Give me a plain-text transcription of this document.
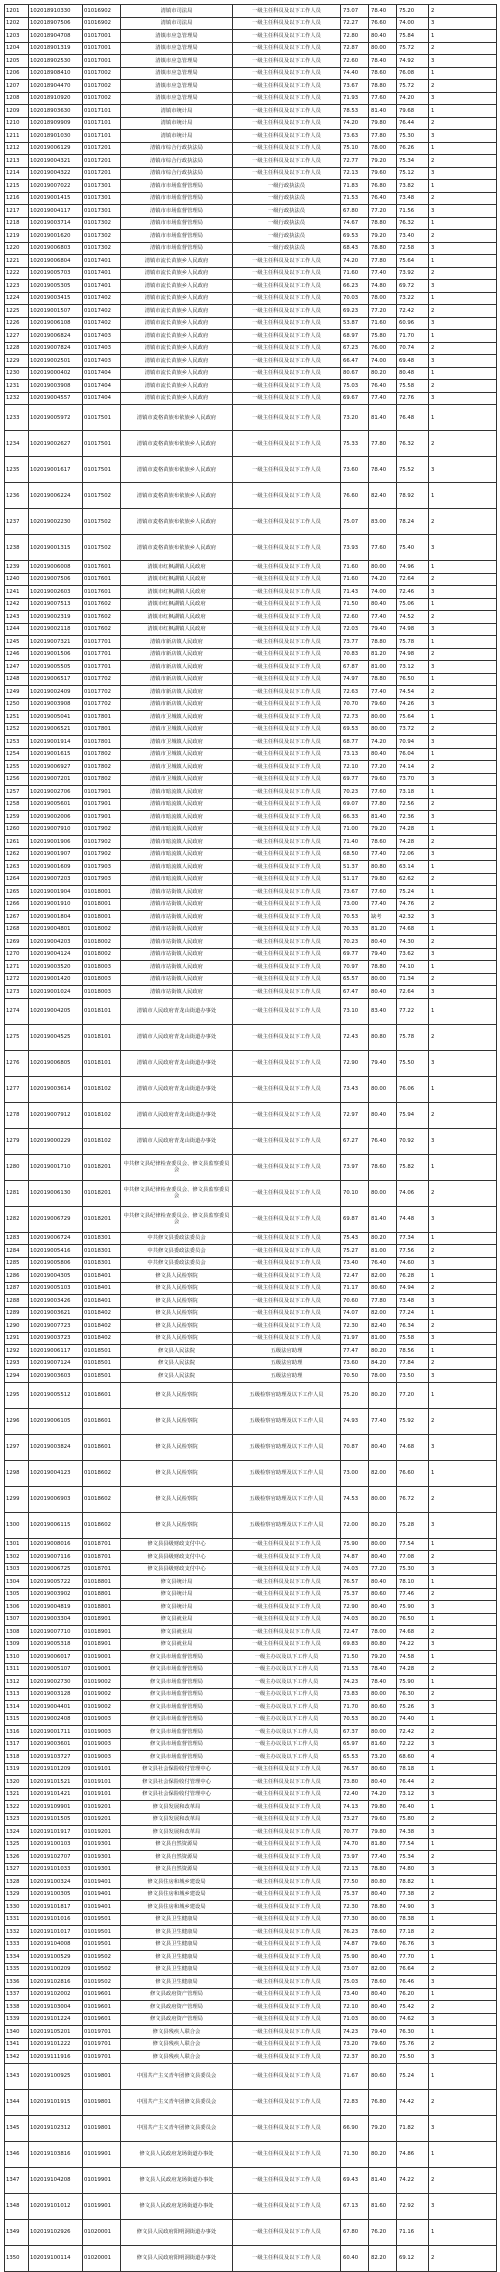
1201	102018910330	01016902	清镇市司法局	一级主任科员及以下工作人员	73.07	78.40	75.20	2
1202	102018907506	01016902	清镇市司法局	一级主任科员及以下工作人员	72.27	76.60	74.00	3
1203	102018904708	01017001	清镇市应急管理局	一级主任科员及以下工作人员	72.80	80.40	75.84	1
1204	102018901319	01017001	清镇市应急管理局	一级主任科员及以下工作人员	72.87	80.00	75.72	2
1205	102018902530	01017001	清镇市应急管理局	一级主任科员及以下工作人员	72.60	78.40	74.92	3
1206	102018908410	01017002	清镇市应急管理局	一级主任科员及以下工作人员	74.40	78.60	76.08	1
1207	102018904470	01017002	清镇市应急管理局	一级主任科员及以下工作人员	73.67	78.80	75.72	2
1208	102018910920	01017002	清镇市应急管理局	一级主任科员及以下工作人员	71.93	77.60	74.20	3
1209	102018903630	01017101	清镇市统计局	一级主任科员及以下工作人员	78.53	81.40	79.68	1
1210	102018909909	01017101	清镇市统计局	一级主任科员及以下工作人员	74.20	79.80	76.44	2
1211	102018901030	01017101	清镇市统计局	一级主任科员及以下工作人员	73.63	77.80	75.30	3
1212	102019006129	01017201	清镇市综合行政执法局	一级主任科员及以下工作人员	75.10	78.00	76.26	1
1213	102019004321	01017201	清镇市综合行政执法局	一级主任科员及以下工作人员	72.77	79.20	75.34	2
1214	102019004322	01017201	清镇市综合行政执法局	一级主任科员及以下工作人员	72.13	79.60	75.12	3
1215	102019007022	01017301	清镇市市场监督管理局	一级行政执法员	71.83	76.80	73.82	1
1216	102019001415	01017301	清镇市市场监督管理局	一级行政执法员	71.53	76.40	73.48	2
1217	102019004117	01017301	清镇市市场监督管理局	一级行政执法员	67.80	77.20	71.56	3
1218	102019003714	01017302	清镇市市场监督管理局	一级行政执法员	74.67	78.80	76.32	1
1219	102019001620	01017302	清镇市市场监督管理局	一级行政执法员	69.53	79.20	73.40	2
1220	102019006803	01017302	清镇市市场监督管理局	一级行政执法员	68.43	78.80	72.58	3
1221	102019006804	01017401	清镇市流长苗族乡人民政府	一级主任科员及以下工作人员	74.20	77.80	75.64	1
1222	102019005703	01017401	清镇市流长苗族乡人民政府	一级主任科员及以下工作人员	71.60	77.40	73.92	2
1223	102019005305	01017401	清镇市流长苗族乡人民政府	一级主任科员及以下工作人员	66.23	74.80	69.72	3
1224	102019003415	01017402	清镇市流长苗族乡人民政府	一级主任科员及以下工作人员	70.03	78.00	73.22	1
1225	102019001507	01017402	清镇市流长苗族乡人民政府	一级主任科员及以下工作人员	69.23	77.20	72.42	2
1226	102019006108	01017402	清镇市流长苗族乡人民政府	一级主任科员及以下工作人员	53.87	71.60	60.96	3
1227	102019006824	01017403	清镇市流长苗族乡人民政府	一级主任科员及以下工作人员	68.97	75.80	71.70	1
1228	102019007824	01017403	清镇市流长苗族乡人民政府	一级主任科员及以下工作人员	67.23	76.00	70.74	2
1229	102019002501	01017403	清镇市流长苗族乡人民政府	一级主任科员及以下工作人员	66.47	74.00	69.48	3
1230	102019000402	01017404	清镇市流长苗族乡人民政府	一级主任科员及以下工作人员	80.67	80.20	80.48	1
1231	102019003908	01017404	清镇市流长苗族乡人民政府	一级主任科员及以下工作人员	75.03	76.40	75.58	2
1232	102019004557	01017404	清镇市流长苗族乡人民政府	一级主任科员及以下工作人员	69.67	77.40	72.76	3
1233	102019005972	01017501	清镇市麦格苗族布依族乡人民政府	一级主任科员及以下工作人员	73.20	81.40	76.48	1
1234	102019002627	01017501	清镇市麦格苗族布依族乡人民政府	一级主任科员及以下工作人员	75.33	77.80	76.32	2
1235	102019001617	01017501	清镇市麦格苗族布依族乡人民政府	一级主任科员及以下工作人员	73.60	78.40	75.52	3
1236	102019006224	01017502	清镇市麦格苗族布依族乡人民政府	一级主任科员及以下工作人员	76.60	82.40	78.92	1
1237	102019002230	01017502	清镇市麦格苗族布依族乡人民政府	一级主任科员及以下工作人员	75.07	83.00	78.24	2
1238	102019001315	01017502	清镇市麦格苗族布依族乡人民政府	一级主任科员及以下工作人员	73.93	77.60	75.40	3
1239	102019006008	01017601	清镇市红枫湖镇人民政府	一级主任科员及以下工作人员	71.60	80.00	74.96	1
1240	102019007506	01017601	清镇市红枫湖镇人民政府	一级主任科员及以下工作人员	71.60	74.20	72.64	2
1241	102019002603	01017601	清镇市红枫湖镇人民政府	一级主任科员及以下工作人员	71.43	74.00	72.46	3
1242	102019007513	01017602	清镇市红枫湖镇人民政府	一级主任科员及以下工作人员	71.50	80.40	75.06	1
1243	102019002319	01017602	清镇市红枫湖镇人民政府	一级主任科员及以下工作人员	72.60	77.40	74.52	2
1244	102019002118	01017602	清镇市红枫湖镇人民政府	一级主任科员及以下工作人员	72.03	79.40	74.98	3
1245	102019007321	01017701	清镇市新店镇人民政府	一级主任科员及以下工作人员	73.77	78.80	75.78	1
1246	102019001506	01017701	清镇市新店镇人民政府	一级主任科员及以下工作人员	70.83	81.20	74.98	2
1247	102019005505	01017701	清镇市新店镇人民政府	一级主任科员及以下工作人员	67.87	81.00	73.12	3
1248	102019006517	01017702	清镇市新店镇人民政府	一级主任科员及以下工作人员	74.97	78.80	76.50	1
1249	102019002409	01017702	清镇市新店镇人民政府	一级主任科员及以下工作人员	72.63	77.40	74.54	2
1250	102019003908	01017702	清镇市新店镇人民政府	一级主任科员及以下工作人员	70.70	79.60	74.26	3
1251	102019005041	01017801	清镇市卫城镇人民政府	一级主任科员及以下工作人员	72.73	80.00	75.64	1
1252	102019006521	01017801	清镇市卫城镇人民政府	一级主任科员及以下工作人员	69.53	80.00	73.72	2
1253	102019001914	01017801	清镇市卫城镇人民政府	一级主任科员及以下工作人员	68.77	74.20	70.94	3
1254	102019001615	01017802	清镇市卫城镇人民政府	一级主任科员及以下工作人员	73.13	80.40	76.04	1
1255	102019006927	01017802	清镇市卫城镇人民政府	一级主任科员及以下工作人员	72.10	77.20	74.14	2
1256	102019007201	01017802	清镇市卫城镇人民政府	一级主任科员及以下工作人员	69.77	79.60	73.70	3
1257	102019002706	01017901	清镇市暗流镇人民政府	一级主任科员及以下工作人员	70.23	77.60	73.18	1
1258	102019005601	01017901	清镇市暗流镇人民政府	一级主任科员及以下工作人员	69.07	77.80	72.56	2
1259	102019002006	01017901	清镇市暗流镇人民政府	一级主任科员及以下工作人员	66.33	81.40	72.36	3
1260	102019007910	01017902	清镇市暗流镇人民政府	一级主任科员及以下工作人员	71.00	79.20	74.28	1
1261	102019001906	01017902	清镇市暗流镇人民政府	一级主任科员及以下工作人员	71.40	78.60	74.28	2
1262	102019001907	01017902	清镇市暗流镇人民政府	一级主任科员及以下工作人员	68.50	77.40	72.06	3
1263	102019001609	01017903	清镇市暗流镇人民政府	一级主任科员及以下工作人员	51.37	80.80	63.14	1
1264	102019007203	01017903	清镇市暗流镇人民政府	一级主任科员及以下工作人员	51.17	79.80	62.62	2
1265	102019001904	01018001	清镇市站街镇人民政府	一级主任科员及以下工作人员	73.67	77.60	75.24	1
1266	102019001910	01018001	清镇市站街镇人民政府	一级主任科员及以下工作人员	73.00	77.40	74.76	2
1267	102019001804	01018001	清镇市站街镇人民政府	一级主任科员及以下工作人员	70.53	缺考	42.32	3
1268	102019004801	01018002	清镇市站街镇人民政府	一级主任科员及以下工作人员	70.33	81.20	74.68	1
1269	102019004203	01018002	清镇市站街镇人民政府	一级主任科员及以下工作人员	70.23	80.40	74.30	2
1270	102019004124	01018002	清镇市站街镇人民政府	一级主任科员及以下工作人员	69.77	79.40	73.62	3
1271	102019003520	01018003	清镇市站街镇人民政府	一级主任科员及以下工作人员	70.97	78.80	74.10	1
1272	102019001420	01018003	清镇市站街镇人民政府	一级主任科员及以下工作人员	65.57	80.00	71.34	2
1273	102019001024	01018003	清镇市站街镇人民政府	一级主任科员及以下工作人员	67.47	80.40	72.64	3
1274	102019004205	01018101	清镇市人民政府青龙山街道办事处	一级主任科员及以下工作人员	73.10	83.40	77.22	1
1275	102019004525	01018101	清镇市人民政府青龙山街道办事处	一级主任科员及以下工作人员	72.43	80.80	75.78	2
1276	102019006805	01018101	清镇市人民政府青龙山街道办事处	一级主任科员及以下工作人员	72.90	79.40	75.50	3
1277	102019003614	01018102	清镇市人民政府青龙山街道办事处	一级主任科员及以下工作人员	73.43	80.00	76.06	1
1278	102019007912	01018102	清镇市人民政府青龙山街道办事处	一级主任科员及以下工作人员	72.97	80.40	75.94	2
1279	102019000229	01018102	清镇市人民政府青龙山街道办事处	一级主任科员及以下工作人员	67.27	76.40	70.92	3
1280	102019001710	01018201	中共修文县纪律检查委员会、修文县监察委员会	一级主任科员及以下工作人员	73.97	78.60	75.82	1
1281	102019006130	01018201	中共修文县纪律检查委员会、修文县监察委员会	一级主任科员及以下工作人员	70.10	80.00	74.06	2
1282	102019006729	01018201	中共修文县纪律检查委员会、修文县监察委员会	一级主任科员及以下工作人员	69.87	81.40	74.48	3
1283	102019006724	01018301	中共修文县委政法委员会	一级主任科员及以下工作人员	75.43	80.20	77.34	1
1284	102019005416	01018301	中共修文县委政法委员会	一级主任科员及以下工作人员	75.27	81.00	77.56	2
1285	102019005806	01018301	中共修文县委政法委员会	一级主任科员及以下工作人员	73.40	76.40	74.60	3
1286	102019004305	01018401	修文县人民检察院	一级主任科员及以下工作人员	72.47	82.00	76.28	1
1287	102019005103	01018401	修文县人民检察院	一级主任科员及以下工作人员	71.17	80.60	74.94	2
1288	102019003426	01018401	修文县人民检察院	一级主任科员及以下工作人员	70.60	77.80	73.48	3
1289	102019003621	01018402	修文县人民检察院	一级主任科员及以下工作人员	74.07	82.00	77.24	1
1290	102019007723	01018402	修文县人民检察院	一级主任科员及以下工作人员	72.30	82.40	76.34	2
1291	102019003723	01018402	修文县人民检察院	一级主任科员及以下工作人员	71.97	81.00	75.58	3
1292	102019006117	01018501	修文县人民法院	五级法官助理	77.47	80.20	78.56	1
1293	102019007124	01018501	修文县人民法院	五级法官助理	73.60	84.20	77.84	2
1294	102019003603	01018501	修文县人民法院	五级法官助理	70.50	78.00	73.50	3
1295	102019005512	01018601	修文县人民检察院	五级检察官助理及以下工作人员	75.20	80.20	77.20	1
1296	102019006105	01018601	修文县人民检察院	五级检察官助理及以下工作人员	74.93	77.40	75.92	2
1297	102019003824	01018601	修文县人民检察院	五级检察官助理及以下工作人员	70.87	80.40	74.68	3
1298	102019004123	01018602	修文县人民检察院	五级检察官助理及以下工作人员	73.00	82.00	76.60	1
1299	102019006903	01018602	修文县人民检察院	五级检察官助理及以下工作人员	74.53	80.00	76.72	2
1300	102019006115	01018602	修文县人民检察院	五级检察官助理及以下工作人员	72.00	80.20	75.28	3
1301	102019008016	01018701	修文县县级财政支付中心	一级主任科员及以下工作人员	75.90	80.00	77.54	1
1302	102019007116	01018701	修文县县级财政支付中心	一级主任科员及以下工作人员	74.87	80.40	77.08	2
1303	102019006725	01018701	修文县县级财政支付中心	一级主任科员及以下工作人员	74.03	77.20	75.30	3
1304	102019005722	01018801	修文县统计局	一级主任科员及以下工作人员	76.57	80.40	78.10	1
1305	102019003902	01018801	修文县统计局	一级主任科员及以下工作人员	75.37	80.60	77.46	2
1306	102019004819	01018801	修文县统计局	一级主任科员及以下工作人员	72.90	80.40	75.90	3
1307	102019003304	01018901	修文县就业局	一级主任科员及以下工作人员	74.03	80.20	76.50	1
1308	102019007710	01018901	修文县就业局	一级主任科员及以下工作人员	72.47	78.00	74.68	2
1309	102019005318	01018901	修文县就业局	一级主任科员及以下工作人员	69.83	80.80	74.22	3
1310	102019006017	01019001	修文县市场监督管理局	一级主办以及以下工作人员	71.50	79.20	74.58	1
1311	102019005107	01019001	修文县市场监督管理局	一级主办以及以下工作人员	71.53	78.40	74.28	2
1312	102019002730	01019002	修文县市场监督管理局	一级主办以及以下工作人员	74.23	78.40	75.90	1
1313	102019003128	01019002	修文县市场监督管理局	一级主办以及以下工作人员	73.83	80.00	76.30	2
1314	102019004401	01019002	修文县市场监督管理局	一级主办以及以下工作人员	71.70	80.60	75.26	3
1315	102019002408	01019003	修文县市场监督管理局	一级主办以及以下工作人员	70.53	80.20	74.40	1
1316	102019001711	01019003	修文县市场监督管理局	一级主办以及以下工作人员	67.37	80.00	72.42	2
1317	102019003601	01019003	修文县市场监督管理局	一级主办以及以下工作人员	65.97	81.60	72.22	3
1318	102019103727	01019003	修文县市场监督管理局	一级主办以及以下工作人员	65.53	73.20	68.60	4
1319	102019101209	01019101	修文县社会保险收付管理中心	一级主任科员及以下工作人员	76.57	80.60	78.18	1
1320	102019101521	01019101	修文县社会保险收付管理中心	一级主任科员及以下工作人员	73.80	80.40	76.44	2
1321	102019101421	01019101	修文县社会保险收付管理中心	一级主任科员及以下工作人员	72.40	74.20	73.12	3
1322	102019109901	01019201	修文县发展和改革局	一级主任科员及以下工作人员	74.13	79.80	76.40	1
1323	102019101505	01019201	修文县发展和改革局	一级主任科员及以下工作人员	73.27	79.60	75.80	2
1324	102019101917	01019201	修文县发展和改革局	一级主任科员及以下工作人员	70.77	79.80	74.38	3
1325	102019100103	01019301	修文县自然资源局	一级主任科员及以下工作人员	74.70	81.80	77.54	1
1326	102019102707	01019301	修文县自然资源局	一级主任科员及以下工作人员	73.97	77.40	75.34	2
1327	102019101033	01019301	修文县自然资源局	一级主任科员及以下工作人员	72.13	78.80	74.80	3
1328	102019100324	01019401	修文县住房和城乡建设局	一级主任科员及以下工作人员	77.50	80.80	78.82	1
1329	102019100305	01019401	修文县住房和城乡建设局	一级主任科员及以下工作人员	75.37	80.40	77.38	2
1330	102019101817	01019401	修文县住房和城乡建设局	一级主任科员及以下工作人员	72.30	78.80	74.90	3
1331	102019101016	01019501	修文县卫生健康局	一级主任科员及以下工作人员	77.30	80.00	78.38	1
1332	102019101017	01019501	修文县卫生健康局	一级主任科员及以下工作人员	76.23	78.60	77.18	2
1333	102019104008	01019501	修文县卫生健康局	一级主任科员及以下工作人员	74.87	79.60	76.76	3
1334	102019100529	01019502	修文县卫生健康局	一级主任科员及以下工作人员	75.90	80.40	77.70	1
1335	102019100209	01019502	修文县卫生健康局	一级主任科员及以下工作人员	73.07	82.00	76.64	2
1336	102019102816	01019502	修文县卫生健康局	一级主任科员及以下工作人员	75.03	78.60	76.46	3
1337	102019102002	01019601	修文县政府资产管理局	一级主任科员及以下工作人员	73.40	80.40	76.20	1
1338	102019103004	01019601	修文县政府资产管理局	一级主任科员及以下工作人员	72.10	80.40	75.42	2
1339	102019101224	01019601	修文县政府资产管理局	一级主任科员及以下工作人员	71.03	80.00	74.62	3
1340	102019105201	01019701	修文县残疾人联合会	一级主任科员及以下工作人员	74.23	79.40	76.30	1
1341	102019101222	01019701	修文县残疾人联合会	一级主任科员及以下工作人员	73.20	79.60	75.76	2
1342	102019111916	01019701	修文县残疾人联合会	一级主任科员及以下工作人员	72.37	80.20	75.50	3
1343	102019100925	01019801	中国共产主义青年团修文县委员会	一级主任科员及以下工作人员	71.67	80.60	75.24	1
1344	102019101915	01019801	中国共产主义青年团修文县委员会	一级主任科员及以下工作人员	72.83	76.80	74.42	2
1345	102019102312	01019801	中国共产主义青年团修文县委员会	一级主任科员及以下工作人员	66.90	79.20	71.82	3
1346	102019103816	01019901	修文县人民政府龙场街道办事处	一级主任科员及以下工作人员	71.30	80.20	74.86	1
1347	102019104208	01019901	修文县人民政府龙场街道办事处	一级主任科员及以下工作人员	69.43	81.40	74.22	2
1348	102019101012	01019901	修文县人民政府龙场街道办事处	一级主任科员及以下工作人员	67.13	81.60	72.92	3
1349	102019102926	01020001	修文县人民政府阳明洞街道办事处	一级主任科员及以下工作人员	67.80	76.20	71.16	1
1350	102019100114	01020001	修文县人民政府阳明洞街道办事处	一级主任科员及以下工作人员	60.40	82.20	69.12	2
